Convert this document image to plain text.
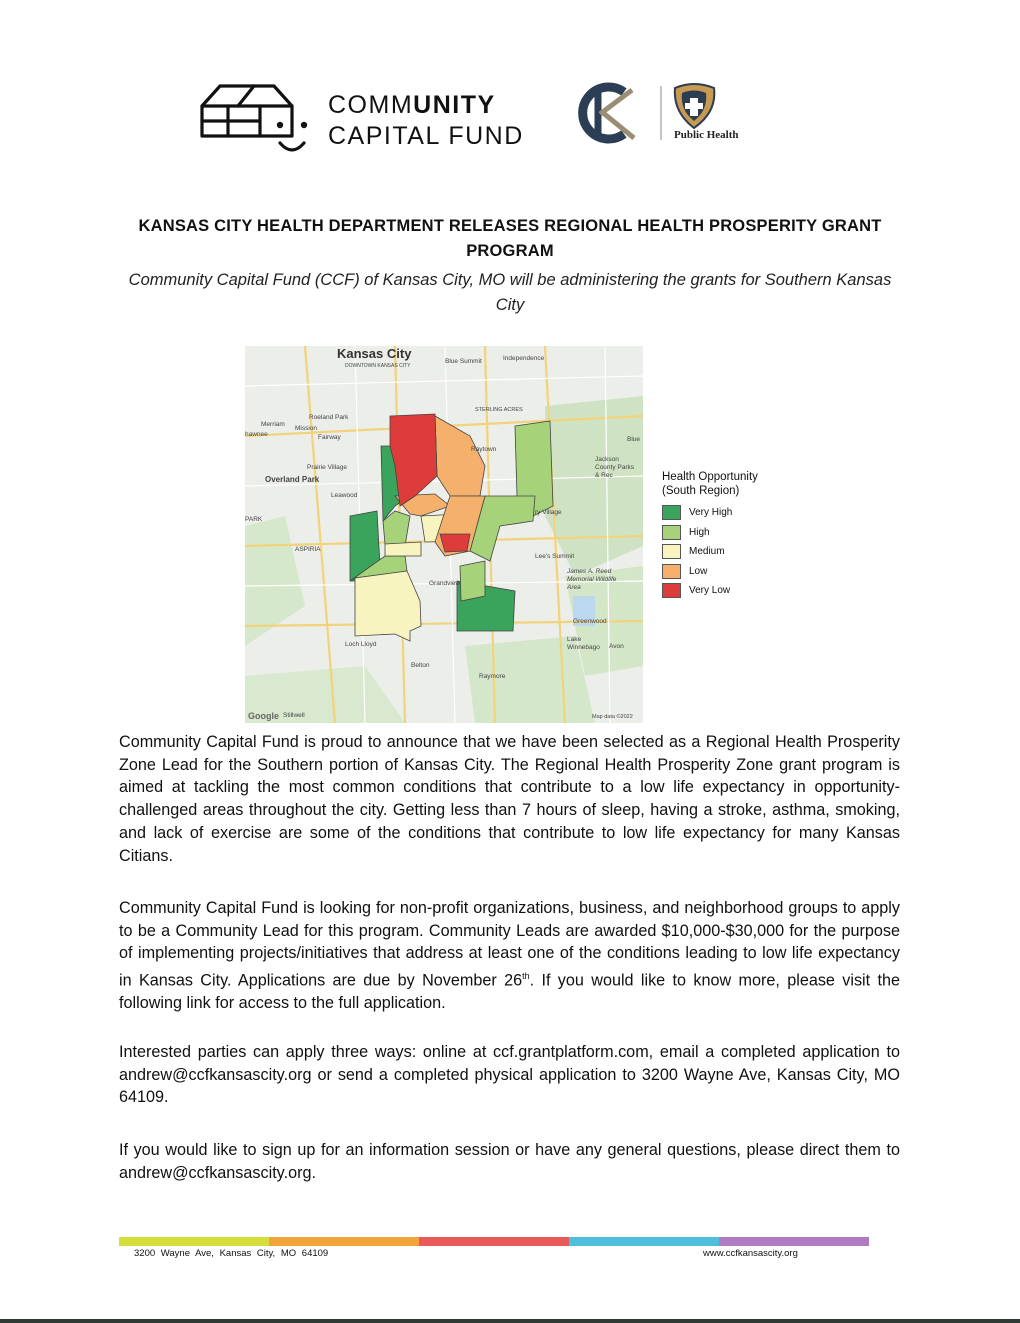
COMMUNITY
CAPITAL FUND	Public Health
KANSAS CITY HEALTH DEPARTMENT RELEASES REGIONAL HEALTH PROSPERITY GRANT PROGRAM
Community Capital Fund (CCF) of Kansas City, MO will be administering the grants for Southern Kansas City
Kansas City
DOWNTOWN KANSAS CITY
Blue Summit	Independence
STERLING ACRES
Roeland Park
Merriam
Mission
hawnee	Fairway
Raytown
Blue
Prairie Village
Overland Park
Jackson County Parks & Rec
Leawood
ry Village
PARK
ASPIRIA
Lee's Summit
James A. Reed Memorial Wildlife Area
Grandview
Greenwood
Lake Winnebago	Avon
Loch Lloyd
Belton
Raymore
Stillwell
Google	Map data ©2022
Health Opportunity
(South Region)
Very High
High
Medium
Low
Very Low
Community Capital Fund is proud to announce that we have been selected as a Regional Health Prosperity Zone Lead for the Southern portion of Kansas City. The Regional Health Prosperity Zone grant program is aimed at tackling the most common conditions that contribute to a low life expectancy in opportunity-challenged areas throughout the city. Getting less than 7 hours of sleep, having a stroke, asthma, smoking, and lack of exercise are some of the conditions that contribute to low life expectancy for many Kansas Citians.
Community Capital Fund is looking for non-profit organizations, business, and neighborhood groups to apply to be a Community Lead for this program. Community Leads are awarded $10,000-$30,000 for the purpose of implementing projects/initiatives that address at least one of the conditions leading to low life expectancy in Kansas City. Applications are due by November 26th. If you would like to know more, please visit the following link for access to the full application.
Interested parties can apply three ways: online at ccf.grantplatform.com, email a completed application to andrew@ccfkansascity.org or send a completed physical application to 3200 Wayne Ave, Kansas City, MO 64109.
If you would like to sign up for an information session or have any general questions, please direct them to andrew@ccfkansascity.org.
3200 Wayne Ave, Kansas City, MO 64109	www.ccfkansascity.org
